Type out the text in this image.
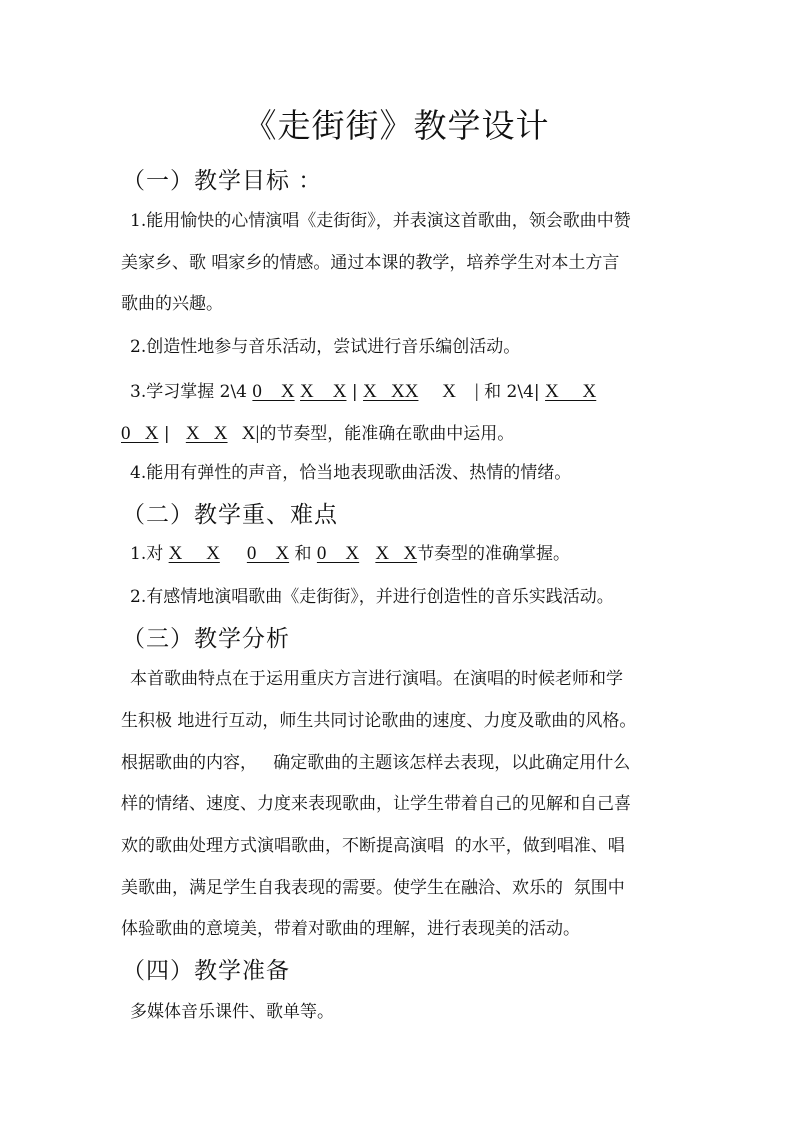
《走街街》教学设计
（一）教学目标 ：
1.能用愉快的心情演唱《走街街》，并表演这首歌曲，领会歌曲中赞
美家乡、歌 唱家乡的情感。通过本课的教学，培养学生对本土方言
歌曲的兴趣。
2.创造性地参与音乐活动，尝试进行音乐编创活动。
3.学习掌握 2\4 0    X X    X | X   XX     X    | 和 2\4| X     X
0   X |   X   X   X|的节奏型，能准确在歌曲中运用。
4.能用有弹性的声音，恰当地表现歌曲活泼、热情的情绪。
（二）教学重、难点
1.对 X     X 0    X 和 0    X X   X节奏型的准确掌握。
2.有感情地演唱歌曲《走街街》，并进行创造性的音乐实践活动。
（三）教学分析
本首歌曲特点在于运用重庆方言进行演唱。在演唱的时候老师和学
生积极 地进行互动，师生共同讨论歌曲的速度、力度及歌曲的风格。
根据歌曲的内容，   确定歌曲的主题该怎样去表现，以此确定用什么
样的情绪、速度、力度来表现歌曲，让学生带着自己的见解和自己喜
欢的歌曲处理方式演唱歌曲，不断提高演唱  的水平，做到唱准、唱
美歌曲，满足学生自我表现的需要。使学生在融洽、欢乐的  氛围中
体验歌曲的意境美，带着对歌曲的理解，进行表现美的活动。
（四）教学准备
多媒体音乐课件、歌单等。
